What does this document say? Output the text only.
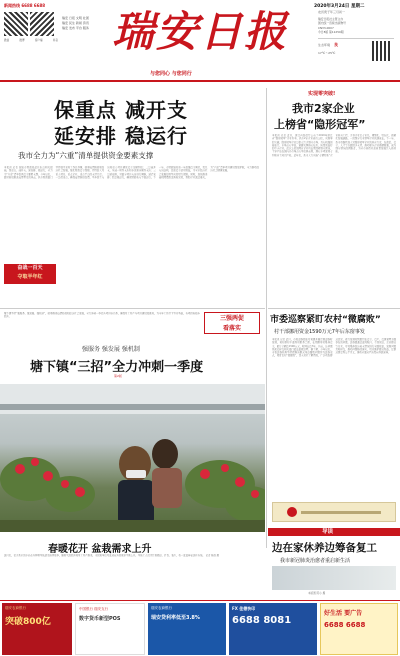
新闻热线 6688 6688
微信	微博	客户端	抖音
瑞安 日报 文明 社团
瑞安 民生 新闻 资讯
瑞安 发布 平台 服务 瑞安日报
与您同心 与您同行
2020年3月24日 星期二
农历庚子年三月初一
瑞安日报社主管主办
国内统一连续出版物号
CN33-0007
今日8版 第11250期
生态环境 良
17℃～25℃
保重点 减开支
延安排 稳运行
我市全力为“六重”清单提供资金要素支撑
本报讯 记者 瑞安市财政局近日出台相关措施，保重点、减开支、延安排、稳运行，全力为“六重”清单提供资金要素支撑。今年以来，面对新冠肺炎疫情带来的冲击，我市财政部门坚持稳中求进工作总基调，统筹疫情防控和经济社会发展，强化财政资金保障，持续加大对重大项目、重点企业、重点平台的支持力度。一是保重点，确保疫情防控经费、基本民生支出和重大项目建设资金足额到位；二是减开支，压减一般性支出和非急需非刚性支出；三是延安排，对部分项目支出进行调整，延后安排；四是稳运行，确保财政收支平稳运行。下一步，市财政局将进一步加强资金调度，优化支出结构，提高资金使用效益，为全市经济社会发展提供坚实的财力保障。同时，加快推进减税降费政策落地见效，帮助企业渡过难关，为“六重”清单项目建设保驾护航，全力推动经济社会健康发展。
奋战一百天
夺取半年红
实现零突破!
我市2家企业
上榜省“隐形冠军”
本报讯 记者 近日，浙江省经信厅公布了2019年浙江省“隐形冠军”企业名单，我市2家企业成功上榜，实现零的突破。隐形冠军企业是指专注于细分市场、具有较强创新能力、市场占有率高、掌握关键核心技术、质量效益好的中小企业。此次上榜的两家企业均长期深耕细分领域，主导产品在国内外市场占有率位居前列，拥有多项发明专利和自主知识产权。近年来，我市大力实施“专精特新”企业培育工程，引导企业走专业化、精细化、特色化、新颖化发展道路，一批细分行业领军企业快速成长。下一步，我市将继续加大对隐形冠军企业的培育力度，在政策、资金、人才等方面给予支持，推动更多企业做精做强，成为细分领域的领跑者，为全市制造业高质量发展注入新动能。
塘下镇坚持“强服务、强发展、强机制”，统筹推进疫情防控和经济社会发展，全力冲刺一季度各项目标任务，确保复工复产与项目建设双推进，为全年工作打下坚实基础，各项指标稳步回升。	三强两促
看落实
强服务 强发展 强机制
塘下镇“三招”全力冲刺一季度
第2版
春暖花开 盆栽需求上升
连日来，位于我市的多家花卉种植基地迎来销售旺季，随着气温回升和复工复产推进，市民和单位对盆栽花卉的需求不断上升，基地工人们正忙着搬运、打包、装车，将一盆盆鲜花送往各地。 记者 陈晨 摄
市委巡察紧盯农村“微腐败”
村干部挪用资金1590万元7年后东窗事发
本报讯 记者 近日，市委巡察组在对某镇开展常规巡察时发现，某村原村干部利用职务之便，长期挪用村集体资金，累计金额达1590万元，时间长达7年。目前，该问题线索已移交相关部门依法依规处理。据了解，今年以来，市委巡察机构坚持把整治群众身边腐败问题作为巡察重点，紧盯农村“微腐败”，深入村社了解情况，广泛听取群众意见，着力发现村级组织在资金、资产、资源管理方面存在的问题。巡察组通过查阅账目、个别谈话、走访群众等方式，对村集体经济收支情况进行全面检查，发现问题及时移交，推动问题整改落实，切实维护群众利益，让群众感受到公平正义，推动全面从严治党向基层延伸。
导读
边在家休养边筹备复工
我市新冠肺炎治愈者重启新生活
本版图 陈小 摄
瑞安农商银行
突破800亿
中国银行 瑞安支行
数字货币新型POS
瑞安农商银行
瑞安贷利率低至3.8%
FX 佳德快印
6688 8081
好生活 要广告
6688 6688
